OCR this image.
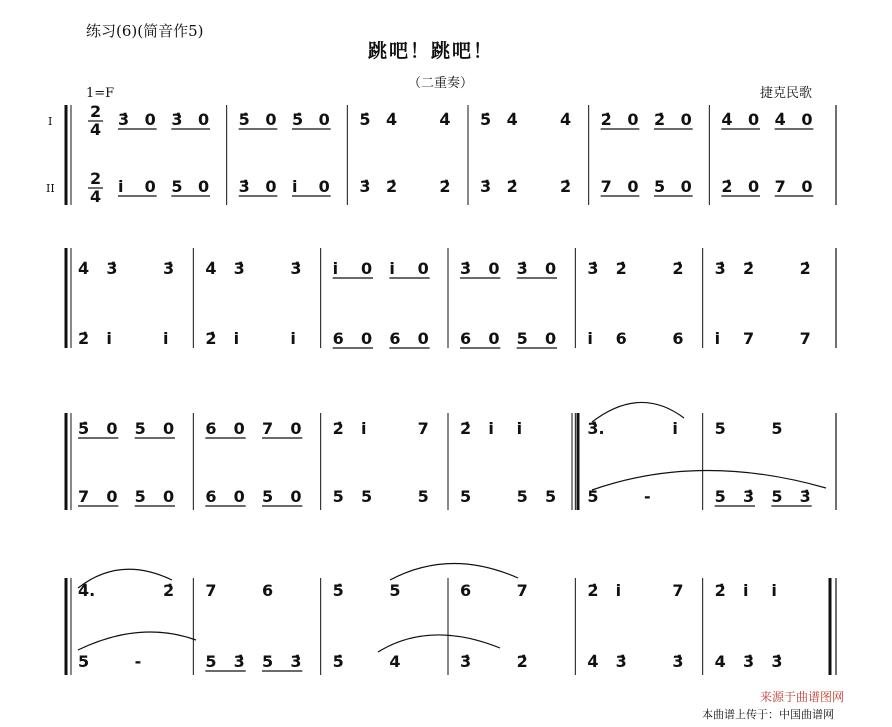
练习(6)(简音作5)
跳吧！跳吧！
（二重奏）
1=F	捷克民歌
本曲谱上传于：中国曲谱网
来源于曲谱图网
3̇ 0 3̇ 0
i 0 5 0
5̇ 0 5̇ 0
3̇ 0 i 0
5̇ 4̇	4̇
3̇ 2̇	2̇
5̇ 4̇	4̇
3̇ 2̇	2̇
2̇ 0 2̇ 0
7 0 5 0
4̇ 0 4̇ 0
2̇ 0 7 0
4̇ 3̇	3̇
2̇ i	i
4̇ 3̇	3̇
2̇ i	i
i 0 i 0
6 0 6 0
3̇ 0 3̇ 0
6 0 5 0
3̇ 2̇	2̇
i 6	6
3̇ 2̇	2̇
i 7	7
5̇ 0 5 0
7 0 5 0
6 0 7 0
6 0 5 0
2̇ i	7
5 5	5
2̇ i i
5	5 5
3̇.	i
5	-
5	5
5 3̇ 5 3̇
4̇.	2̇
5	-
7	6
5 3̇ 5 3̇
5̇	5
5̇	4
6	7
3̇	2̇
2̇ i	7
4̇ 3̇	3̇
2̇ i i
4 3̇ 3̇
2
4
2
4
I
II
